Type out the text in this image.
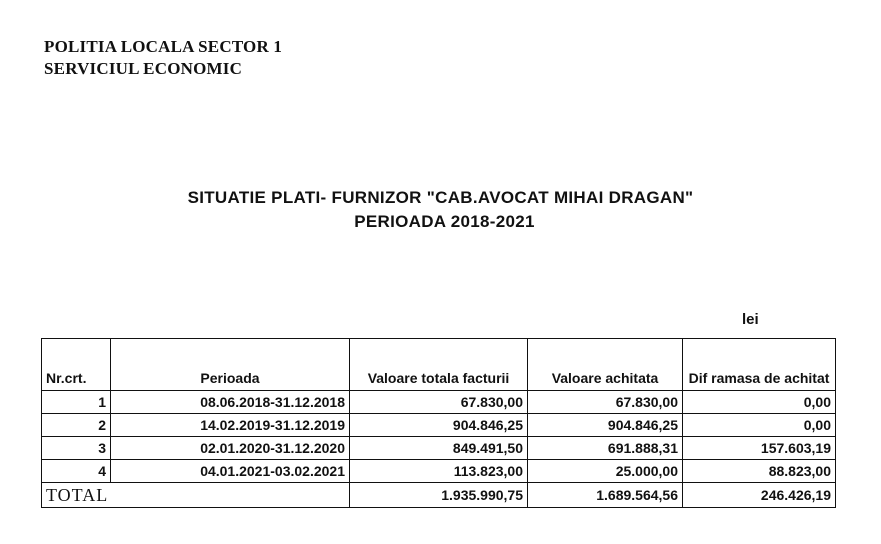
POLITIA LOCALA SECTOR 1
SERVICIUL ECONOMIC
SITUATIE PLATI- FURNIZOR "CAB.AVOCAT MIHAI DRAGAN"
PERIOADA 2018-2021
lei
Nr.crt.	Perioada	Valoare totala facturii	Valoare achitata	Dif ramasa de achitat
1	08.06.2018-31.12.2018	67.830,00	67.830,00	0,00
2	14.02.2019-31.12.2019	904.846,25	904.846,25	0,00
3	02.01.2020-31.12.2020	849.491,50	691.888,31	157.603,19
4	04.01.2021-03.02.2021	113.823,00	25.000,00	88.823,00
TOTAL		1.935.990,75	1.689.564,56	246.426,19
